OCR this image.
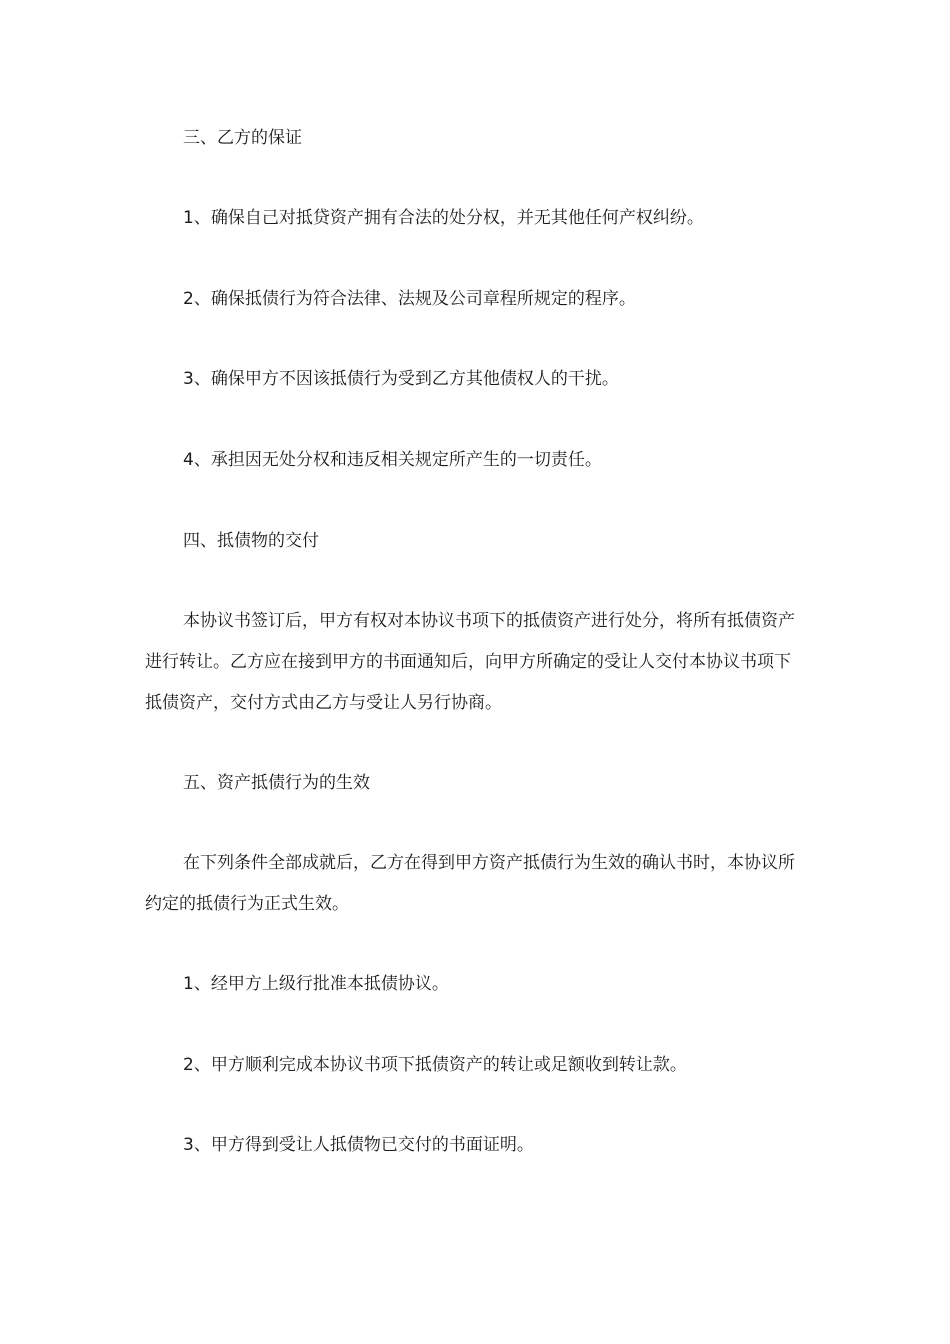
三、乙方的保证

1、确保自己对抵贷资产拥有合法的处分权，并无其他任何产权纠纷。

2、确保抵债行为符合法律、法规及公司章程所规定的程序。

3、确保甲方不因该抵债行为受到乙方其他债权人的干扰。

4、承担因无处分权和违反相关规定所产生的一切责任。

四、抵债物的交付

本协议书签订后，甲方有权对本协议书项下的抵债资产进行处分，将所有抵债资产进行转让。乙方应在接到甲方的书面通知后，向甲方所确定的受让人交付本协议书项下抵债资产，交付方式由乙方与受让人另行协商。

五、资产抵债行为的生效

在下列条件全部成就后，乙方在得到甲方资产抵债行为生效的确认书时，本协议所约定的抵债行为正式生效。

1、经甲方上级行批准本抵债协议。

2、甲方顺利完成本协议书项下抵债资产的转让或足额收到转让款。

3、甲方得到受让人抵债物已交付的书面证明。
